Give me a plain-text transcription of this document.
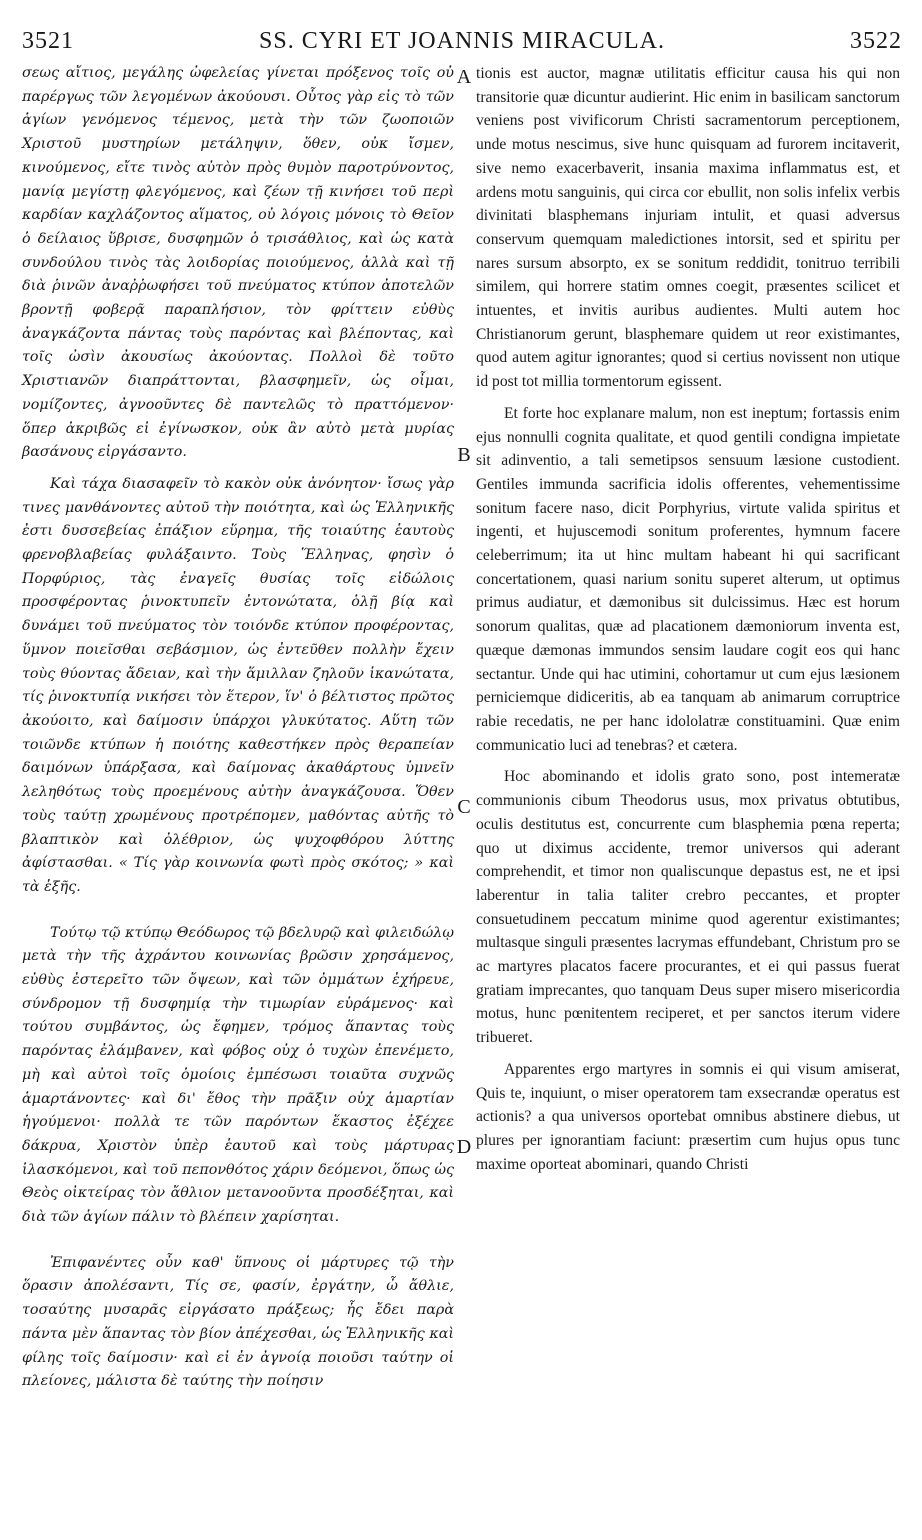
3521	SS. CYRI ET JOANNIS MIRACULA.	3522

σεως αἴτιος, μεγάλης ὠφελείας γίνεται πρόξενος τοῖς οὐ παρέργως τῶν λεγομένων ἀκούουσι. Οὗτος γὰρ εἰς τὸ τῶν ἁγίων γενόμενος τέμενος, μετὰ τὴν τῶν ζωοποιῶν Χριστοῦ μυστηρίων μετάληψιν, ὅθεν, οὐκ ἴσμεν, κινούμενος, εἴτε τινὸς αὐτὸν πρὸς θυμὸν παροτρύνοντος, μανίᾳ μεγίστῃ φλεγόμενος, καὶ ζέων τῇ κινήσει τοῦ περὶ καρδίαν καχλάζοντος αἵματος, οὐ λόγοις μόνοις τὸ Θεῖον ὁ δείλαιος ὕβρισε, δυσφημῶν ὁ τρισάθλιος, καὶ ὡς κατὰ συνδούλου τινὸς τὰς λοιδορίας ποιούμενος, ἀλλὰ καὶ τῇ διὰ ῥινῶν ἀναῤῥωφήσει τοῦ πνεύματος κτύπον ἀποτελῶν βροντῇ φοβερᾷ παραπλήσιον, τὸν φρίττειν εὐθὺς ἀναγκάζοντα πάντας τοὺς παρόντας καὶ βλέποντας, καὶ τοῖς ὠσὶν ἀκουσίως ἀκούοντας. Πολλοὶ δὲ τοῦτο Χριστιανῶν διαπράττονται, βλασφημεῖν, ὡς οἶμαι, νομίζοντες, ἀγνοοῦντες δὲ παντελῶς τὸ πραττόμενον· ὅπερ ἀκριβῶς εἰ ἐγίνωσκον, οὐκ ἂν αὐτὸ μετὰ μυρίας βασάνους εἰργάσαντο.

Καὶ τάχα διασαφεῖν τὸ κακὸν οὐκ ἀνόνητον· ἴσως γὰρ τινες μανθάνοντες αὐτοῦ τὴν ποιότητα, καὶ ὡς Ἑλληνικῆς ἐστι δυσσεβείας ἐπάξιον εὕρημα, τῆς τοιαύτης ἑαυτοὺς φρενοβλαβείας φυλάξαιντο. Τοὺς Ἕλληνας, φησὶν ὁ Πορφύριος, τὰς ἐναγεῖς θυσίας τοῖς εἰδώλοις προσφέροντας ῥινοκτυπεῖν ἐντονώτατα, ὁλῇ βίᾳ καὶ δυνάμει τοῦ πνεύματος τὸν τοιόνδε κτύπον προφέροντας, ὕμνον ποιεῖσθαι σεβάσμιον, ὡς ἐντεῦθεν πολλὴν ἔχειν τοὺς θύοντας ἄδειαν, καὶ τὴν ἅμιλλαν ζηλοῦν ἱκανώτατα, τίς ῥινοκτυπίᾳ νικήσει τὸν ἕτερον, ἵν' ὁ βέλτιστος πρῶτος ἀκούοιτο, καὶ δαίμοσιν ὑπάρχοι γλυκύτατος. Αὕτη τῶν τοιῶνδε κτύπων ἡ ποιότης καθεστήκεν πρὸς θεραπείαν δαιμόνων ὑπάρξασα, καὶ δαίμονας ἀκαθάρτους ὑμνεῖν λεληθότως τοὺς προεμένους αὐτὴν ἀναγκάζουσα. Ὅθεν τοὺς ταύτῃ χρωμένους προτρέπομεν, μαθόντας αὐτῆς τὸ βλαπτικὸν καὶ ὀλέθριον, ὡς ψυχοφθόρου λύττης ἀφίστασθαι. « Τίς γὰρ κοινωνία φωτὶ πρὸς σκότος; » καὶ τὰ ἑξῆς.

Τούτῳ τῷ κτύπῳ Θεόδωρος τῷ βδελυρῷ καὶ φιλειδώλῳ μετὰ τὴν τῆς ἀχράντου κοινωνίας βρῶσιν χρησάμενος, εὐθὺς ἐστερεῖτο τῶν ὄψεων, καὶ τῶν ὀμμάτων ἐχήρευε, σύνδρομον τῇ δυσφημίᾳ τὴν τιμωρίαν εὑράμενος· καὶ τούτου συμβάντος, ὡς ἔφημεν, τρόμος ἅπαντας τοὺς παρόντας ἐλάμβανεν, καὶ φόβος οὐχ ὁ τυχὼν ἐπενέμετο, μὴ καὶ αὐτοὶ τοῖς ὁμοίοις ἐμπέσωσι τοιαῦτα συχνῶς ἁμαρτάνοντες· καὶ δι' ἔθος τὴν πρᾶξιν οὐχ ἁμαρτίαν ἡγούμενοι· πολλὰ τε τῶν παρόντων ἕκαστος ἐξέχεε δάκρυα, Χριστὸν ὑπὲρ ἑαυτοῦ καὶ τοὺς μάρτυρας ἱλασκόμενοι, καὶ τοῦ πεπονθότος χάριν δεόμενοι, ὅπως ὡς Θεὸς οἰκτείρας τὸν ἄθλιον μετανοοῦντα προσδέξηται, καὶ διὰ τῶν ἁγίων πάλιν τὸ βλέπειν χαρίσηται.

Ἐπιφανέντες οὖν καθ' ὕπνους οἱ μάρτυρες τῷ τὴν ὅρασιν ἀπολέσαντι, Τίς σε, φασίν, ἐργάτην, ὦ ἄθλιε, τοσαύτης μυσαρᾶς εἰργάσατο πράξεως; ἧς ἔδει παρὰ πάντα μὲν ἅπαντας τὸν βίον ἀπέχεσθαι, ὡς Ἑλληνικῆς καὶ φίλης τοῖς δαίμοσιν· καὶ εἰ ἐν ἀγνοίᾳ ποιοῦσι ταύτην οἱ πλείονες, μάλιστα δὲ ταύτης τὴν ποίησιν

A
B
C
D

tionis est auctor, magnæ utilitatis efficitur causa his qui non transitorie quæ dicuntur audierint. Hic enim in basilicam sanctorum veniens post vivificorum Christi sacramentorum perceptionem, unde motus nescimus, sive hunc quisquam ad furorem incitaverit, sive nemo exacerbaverit, insania maxima inflammatus est, et ardens motu sanguinis, qui circa cor ebullit, non solis infelix verbis divinitati blasphemans injuriam intulit, et quasi adversus conservum quemquam maledictiones intorsit, sed et spiritu per nares sursum absorpto, ex se sonitum reddidit, tonitruo terribili similem, qui horrere statim omnes coegit, præsentes scilicet et intuentes, et invitis auribus audientes. Multi autem hoc Christianorum gerunt, blasphemare quidem ut reor existimantes, quod autem agitur ignorantes; quod si certius novissent non utique id post tot millia tormentorum egissent.

Et forte hoc explanare malum, non est ineptum; fortassis enim ejus nonnulli cognita qualitate, et quod gentili condigna impietate sit adinventio, a tali semetipsos sensuum læsione custodient. Gentiles immunda sacrificia idolis offerentes, vehementissime sonitum facere naso, dicit Porphyrius, virtute valida spiritus et ingenti, et hujuscemodi sonitum proferentes, hymnum facere celeberrimum; ita ut hinc multam habeant hi qui sacrificant concertationem, quasi narium sonitu superet alterum, ut optimus primus audiatur, et dæmonibus sit dulcissimus. Hæc est horum sonorum qualitas, quæ ad placationem dæmoniorum inventa est, quæque dæmonas immundos sensim laudare cogit eos qui hanc sectantur. Unde qui hac utimini, cohortamur ut cum ejus læsionem perniciemque didiceritis, ab ea tanquam ab animarum corruptrice rabie recedatis, ne per hanc idololatræ constituamini. Quæ enim communicatio luci ad tenebras? et cætera.

Hoc abominando et idolis grato sono, post intemeratæ communionis cibum Theodorus usus, mox privatus obtutibus, oculis destitutus est, concurrente cum blasphemia pœna reperta; quo ut diximus accidente, tremor universos qui aderant comprehendit, et timor non qualiscunque depastus est, ne et ipsi laberentur in talia taliter crebro peccantes, et propter consuetudinem peccatum minime quod agerentur existimantes; multasque singuli præsentes lacrymas effundebant, Christum pro se ac martyres placatos facere procurantes, et ei qui passus fuerat gratiam imprecantes, quo tanquam Deus super misero misericordia motus, hunc pœnitentem reciperet, et per sanctos iterum videre tribueret.

Apparentes ergo martyres in somnis ei qui visum amiserat, Quis te, inquiunt, o miser operatorem tam exsecrandæ operatus est actionis? a qua universos oportebat omnibus abstinere diebus, ut plures per ignorantiam faciunt: præsertim cum hujus opus tunc maxime oporteat abominari, quando Christi
